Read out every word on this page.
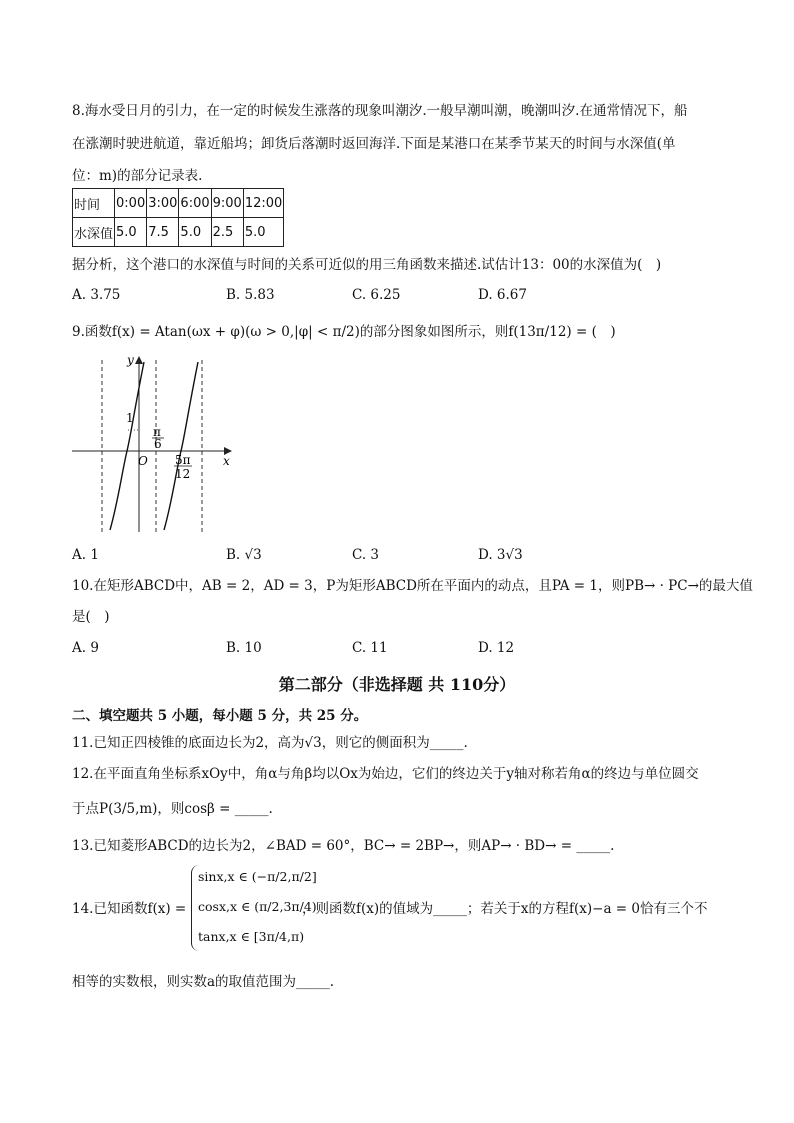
8.海水受日月的引力，在一定的时候发生涨落的现象叫潮汐.一般早潮叫潮，晚潮叫汐.在通常情况下，船
在涨潮时驶进航道，靠近船坞；卸货后落潮时返回海洋.下面是某港口在某季节某天的时间与水深值(单
位：m)的部分记录表.
时间	0:00	3:00	6:00	9:00	12:00
水深值	5.0	7.5	5.0	2.5	5.0
据分析，这个港口的水深值与时间的关系可近似的用三角函数来描述.试估计13：00的水深值为(　)
A. 3.75	B. 5.83	C. 6.25	D. 6.67
9.函数f(x) = Atan(ωx + φ)(ω > 0,|φ| < π/2)的部分图象如图所示，则f(13π/12) = (　)
y
x
O
1
π
6
5π
12
A. 1	B. √3	C. 3	D. 3√3
10.在矩形ABCD中，AB = 2，AD = 3，P为矩形ABCD所在平面内的动点，且PA = 1，则PB→ · PC→的最大值
是(　)
A. 9	B. 10	C. 11	D. 12
第二部分（非选择题 共 110分）
二、填空题共 5 小题，每小题 5 分，共 25 分。
11.已知正四棱锥的底面边长为2，高为√3，则它的侧面积为_____.
12.在平面直角坐标系xOy中，角α与角β均以Ox为始边，它们的终边关于y轴对称若角α的终边与单位圆交
于点P(3/5,m)，则cosβ = _____.
13.已知菱形ABCD的边长为2，∠BAD = 60°，BC→ = 2BP→，则AP→ · BD→ = _____.
14.已知函数f(x) =
sinx,x ∈ (−π/2,π/2]
cosx,x ∈ (π/2,3π/4)
tanx,x ∈ [3π/4,π)
，则函数f(x)的值域为_____；若关于x的方程f(x)−a = 0恰有三个不
相等的实数根，则实数a的取值范围为_____.
